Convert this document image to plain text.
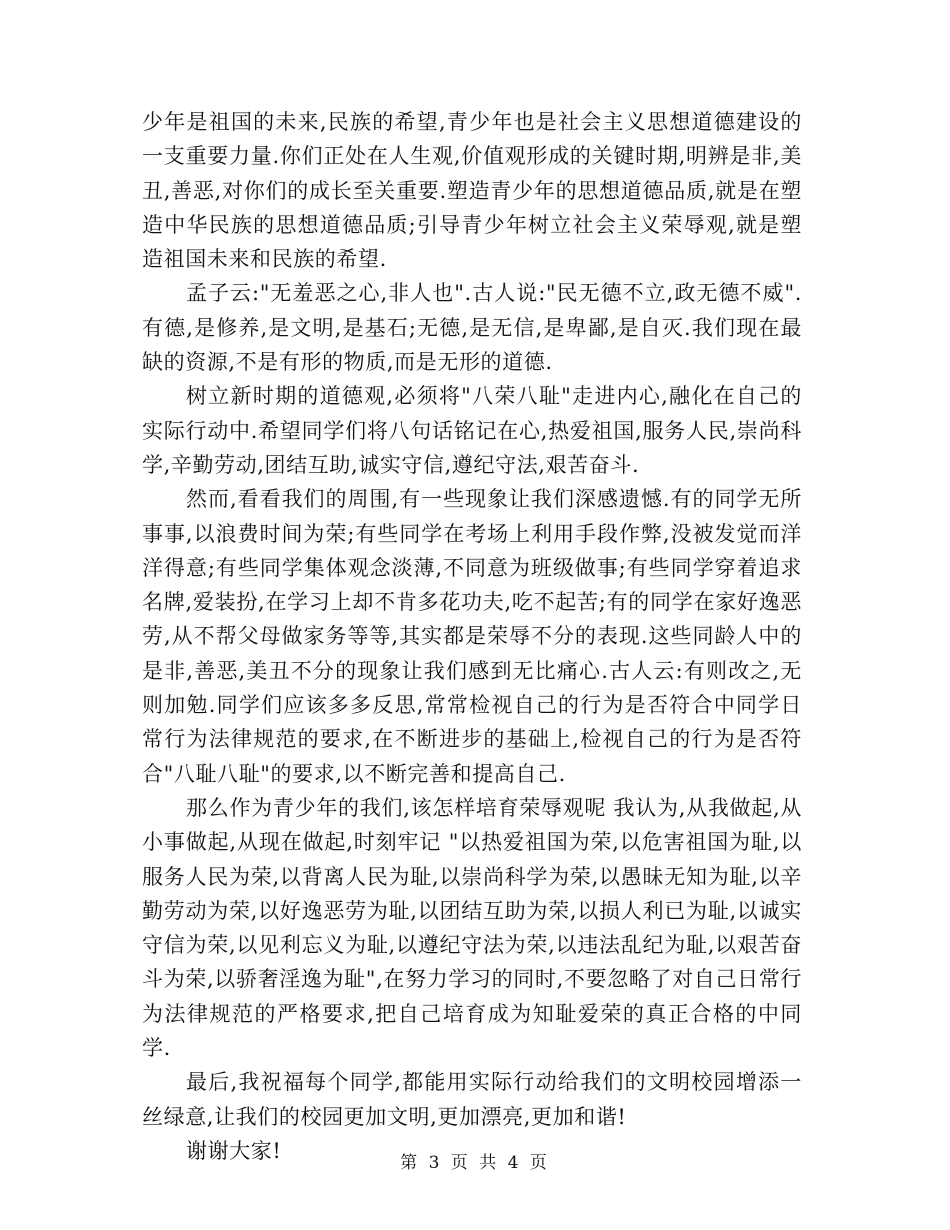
少年是祖国的未来,民族的希望,青少年也是社会主义思想道德建设的一支重要力量.你们正处在人生观,价值观形成的关键时期,明辨是非,美丑,善恶,对你们的成长至关重要.塑造青少年的思想道德品质,就是在塑造中华民族的思想道德品质;引导青少年树立社会主义荣辱观,就是塑造祖国未来和民族的希望.

孟子云:"无羞恶之心,非人也".古人说:"民无德不立,政无德不威".有德,是修养,是文明,是基石;无德,是无信,是卑鄙,是自灭.我们现在最缺的资源,不是有形的物质,而是无形的道德.

树立新时期的道德观,必须将"八荣八耻"走进内心,融化在自己的实际行动中.希望同学们将八句话铭记在心,热爱祖国,服务人民,崇尚科学,辛勤劳动,团结互助,诚实守信,遵纪守法,艰苦奋斗.

然而,看看我们的周围,有一些现象让我们深感遗憾.有的同学无所事事,以浪费时间为荣;有些同学在考场上利用手段作弊,没被发觉而洋洋得意;有些同学集体观念淡薄,不同意为班级做事;有些同学穿着追求名牌,爱装扮,在学习上却不肯多花功夫,吃不起苦;有的同学在家好逸恶劳,从不帮父母做家务等等,其实都是荣辱不分的表现.这些同龄人中的是非,善恶,美丑不分的现象让我们感到无比痛心.古人云:有则改之,无则加勉.同学们应该多多反思,常常检视自己的行为是否符合中同学日常行为法律规范的要求,在不断进步的基础上,检视自己的行为是否符合"八耻八耻"的要求,以不断完善和提高自己.

那么作为青少年的我们,该怎样培育荣辱观呢 我认为,从我做起,从小事做起,从现在做起,时刻牢记 "以热爱祖国为荣,以危害祖国为耻,以服务人民为荣,以背离人民为耻,以崇尚科学为荣,以愚昧无知为耻,以辛勤劳动为荣,以好逸恶劳为耻,以团结互助为荣,以损人利已为耻,以诚实守信为荣,以见利忘义为耻,以遵纪守法为荣,以违法乱纪为耻,以艰苦奋斗为荣,以骄奢淫逸为耻",在努力学习的同时,不要忽略了对自己日常行为法律规范的严格要求,把自己培育成为知耻爱荣的真正合格的中同学.

最后,我祝福每个同学,都能用实际行动给我们的文明校园增添一丝绿意,让我们的校园更加文明,更加漂亮,更加和谐!

谢谢大家!

第 3 页 共 4 页
